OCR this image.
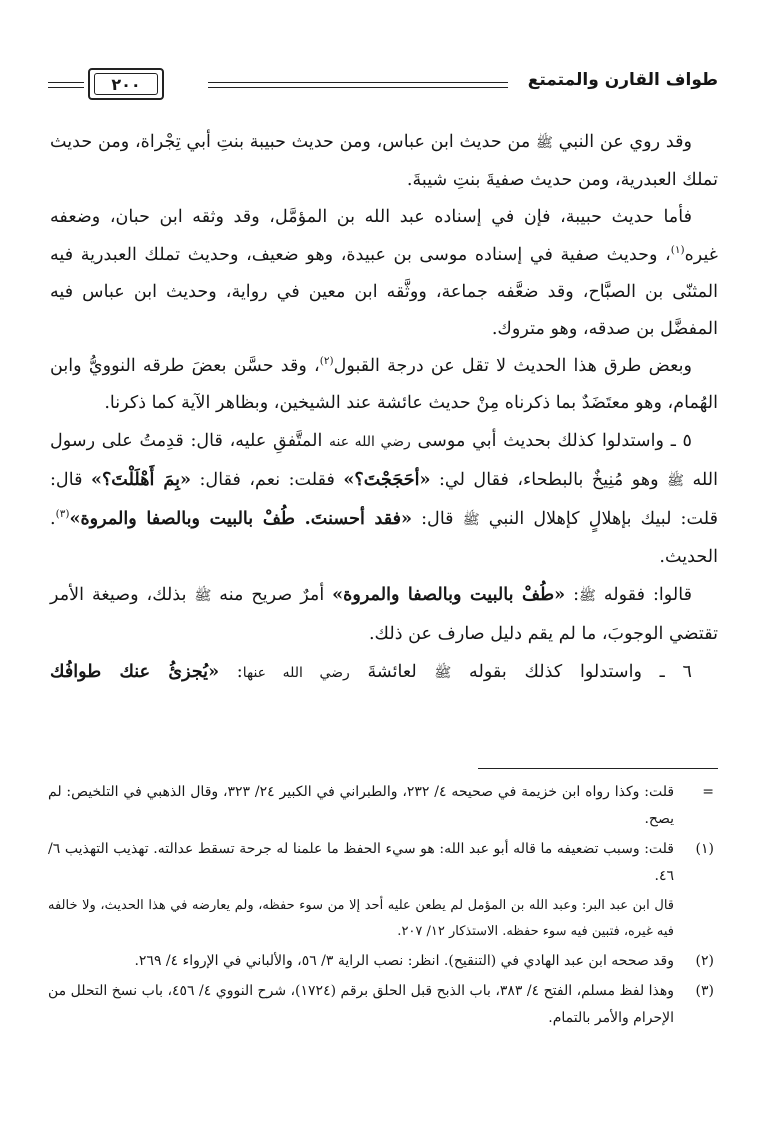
طواف القارن والمتمتع
٢٠٠

وقد روي عن النبي ﷺ من حديث ابن عباس، ومن حديث حبيبة بنتِ أبي تِجْراة، ومن حديث تملك العبدرية، ومن حديث صفيةَ بنتِ شيبةَ.

فأما حديث حبيبة، فإن في إسناده عبد الله بن المؤمَّل، وقد وثقه ابن حبان، وضعفه غيره$^{(١)}$، وحديث صفية في إسناده موسى بن عبيدة، وهو ضعيف، وحديث تملك العبدرية فيه المثنّى بن الصبَّاح، وقد ضعَّفه جماعة، ووثَّقه ابن معين في رواية، وحديث ابن عباس فيه المفضَّل بن صدقه، وهو متروك.

وبعض طرق هذا الحديث لا تقل عن درجة القبول$^{(٢)}$، وقد حسَّن بعضَ طرقه النوويُّ وابن الهُمام، وهو معتَضَدٌ بما ذكرناه مِنْ حديث عائشة عند الشيخين، وبظاهر الآية كما ذكرنا.

٥ ـ واستدلوا كذلك بحديث أبي موسى رضي الله عنه المتَّفقِ عليه، قال: قدِمتُ على رسول الله ﷺ وهو مُنِيخٌ بالبطحاء، فقال لي: «أحَجَجْتَ؟» فقلت: نعم، فقال: «بِمَ أَهْلَلْتَ؟» قال: قلت: لبيك بإهلالٍ كإهلال النبي ﷺ قال: «فقد أحسنتَ. طُفْ بالبيت وبالصفا والمروة»$^{(٣)}$. الحديث.

قالوا: فقوله ﷺ: «طُفْ بالبيت وبالصفا والمروة» أمرٌ صريح منه ﷺ بذلك، وصيغة الأمر تقتضي الوجوبَ، ما لم يقم دليل صارف عن ذلك.

٦ ـ واستدلوا كذلك بقوله ﷺ لعائشةَ رضي الله عنها: «يُجزئُ عنك طوافُك

=
قلت: وكذا رواه ابن خزيمة في صحيحه ٤/ ٢٣٢، والطبراني في الكبير ٢٤/ ٣٢٣، وقال الذهبي في التلخيص: لم يصح.
(١)
قلت: وسبب تضعيفه ما قاله أبو عبد الله: هو سيء الحفظ ما علمنا له جرحة تسقط عدالته. تهذيب التهذيب ٦/ ٤٦.
قال ابن عبد البر: وعبد الله بن المؤمل لم يطعن عليه أحد إلا من سوء حفظه، ولم يعارضه في هذا الحديث، ولا خالفه فيه غيره، فتبين فيه سوء حفظه. الاستذكار ١٢/ ٢٠٧.
(٢)
وقد صححه ابن عبد الهادي في (التنقيح). انظر: نصب الراية ٣/ ٥٦، والألباني في الإرواء ٤/ ٢٦٩.
(٣)
وهذا لفظ مسلم، الفتح ٤/ ٣٨٣، باب الذبح قبل الحلق برقم (١٧٢٤)، شرح النووي ٤/ ٤٥٦، باب نسخ التحلل من الإحرام والأمر بالتمام.
